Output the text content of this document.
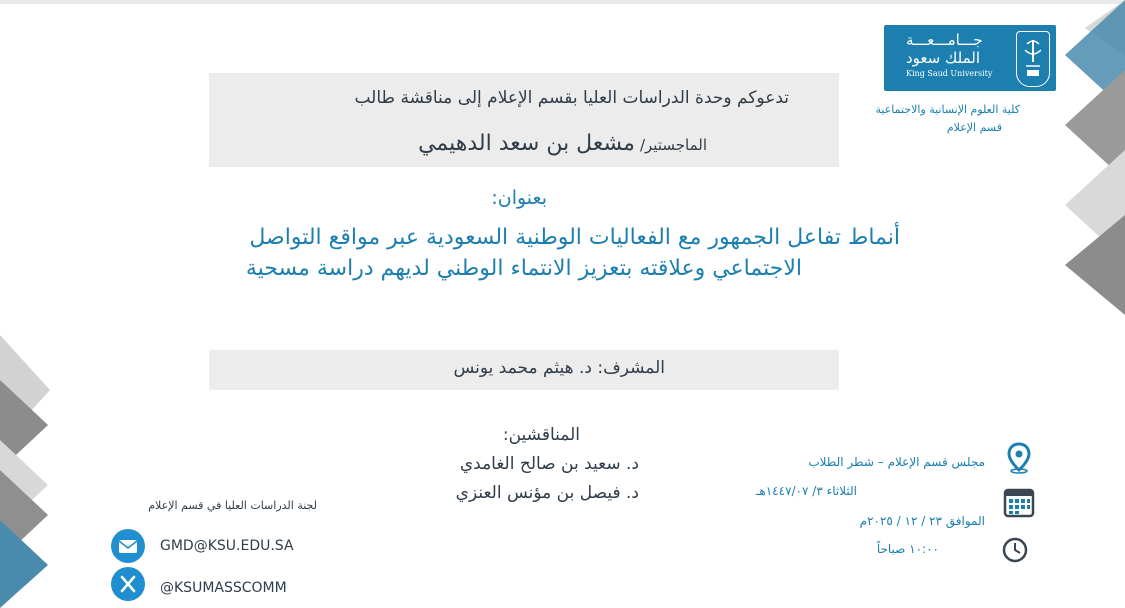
جـــامـــعـــة
الملك سعود
King Saud University
كلية العلوم الإنسانية والاجتماعية
قسم الإعلام
تدعوكم وحدة الدراسات العليا بقسم الإعلام إلى مناقشة طالب
الماجستير/ مشعل بن سعد الدهيمي
بعنوان:
أنماط تفاعل الجمهور مع الفعاليات الوطنية السعودية عبر مواقع التواصل
الاجتماعي وعلاقته بتعزيز الانتماء الوطني لديهم دراسة مسحية
المشرف: د. هيثم محمد يونس
المناقشين:
د. سعيد بن صالح الغامدي
د. فيصل بن مؤنس العنزي
مجلس قسم الإعلام – شطر الطلاب
الثلاثاء ٣/ ١٤٤٧/٠٧هـ
الموافق ٢٣ / ١٢ / ٢٠٢٥م
١٠:٠٠ صباحاً
لجنة الدراسات العليا في قسم الإعلام
GMD@KSU.EDU.SA
@KSUMASSCOMM
